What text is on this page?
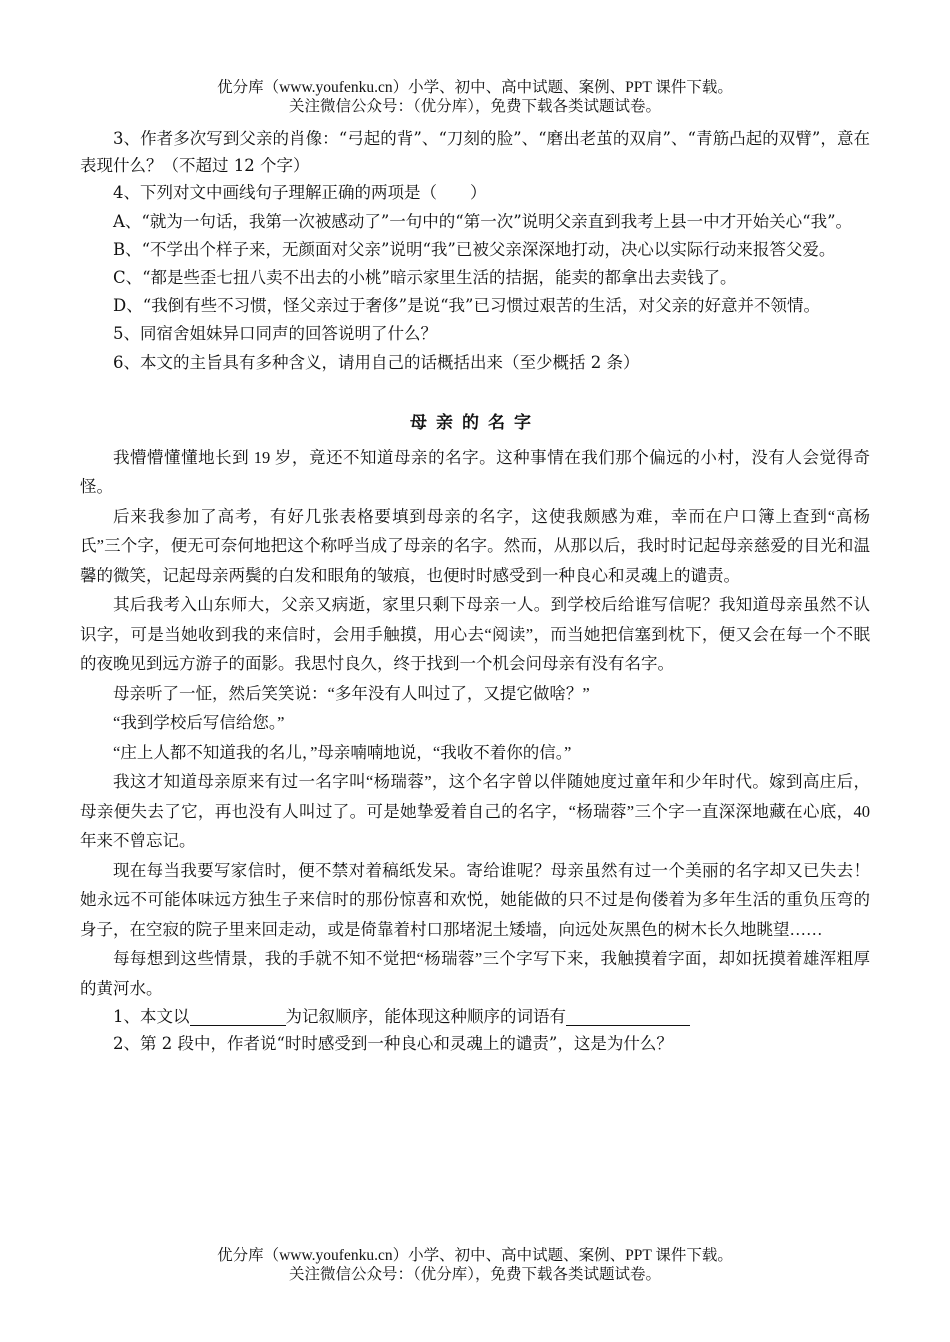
优分库（www.youfenku.cn）小学、初中、高中试题、案例、PPT 课件下载。
关注微信公众号：（优分库），免费下载各类试题试卷。

3、作者多次写到父亲的肖像：“弓起的背”、“刀刻的脸”、“磨出老茧的双肩”、“青筋凸起的双臂”，意在表现什么？（不超过 12 个字）

4、下列对文中画线句子理解正确的两项是（　　）

A、“就为一句话，我第一次被感动了”一句中的“第一次”说明父亲直到我考上县一中才开始关心“我”。

B、“不学出个样子来，无颜面对父亲”说明“我”已被父亲深深地打动，决心以实际行动来报答父爱。

C、“都是些歪七扭八卖不出去的小桃”暗示家里生活的拮据，能卖的都拿出去卖钱了。

D、“我倒有些不习惯，怪父亲过于奢侈”是说“我”已习惯过艰苦的生活，对父亲的好意并不领情。

5、同宿舍姐妹异口同声的回答说明了什么？

6、本文的主旨具有多种含义，请用自己的话概括出来（至少概括 2 条）

母亲的名字

我懵懵懂懂地长到 19 岁，竟还不知道母亲的名字。这种事情在我们那个偏远的小村，没有人会觉得奇怪。

后来我参加了高考，有好几张表格要填到母亲的名字，这使我颇感为难，幸而在户口簿上查到“高杨氏”三个字，便无可奈何地把这个称呼当成了母亲的名字。然而，从那以后，我时时记起母亲慈爱的目光和温馨的微笑，记起母亲两鬓的白发和眼角的皱痕，也便时时感受到一种良心和灵魂上的谴责。

其后我考入山东师大，父亲又病逝，家里只剩下母亲一人。到学校后给谁写信呢？我知道母亲虽然不认识字，可是当她收到我的来信时，会用手触摸，用心去“阅读”，而当她把信塞到枕下，便又会在每一个不眠的夜晚见到远方游子的面影。我思忖良久，终于找到一个机会问母亲有没有名字。

母亲听了一怔，然后笑笑说：“多年没有人叫过了，又提它做啥？”

“我到学校后写信给您。”

“庄上人都不知道我的名儿，”母亲喃喃地说，“我收不着你的信。”

我这才知道母亲原来有过一名字叫“杨瑞蓉”，这个名字曾以伴随她度过童年和少年时代。嫁到高庄后，母亲便失去了它，再也没有人叫过了。可是她挚爱着自己的名字，“杨瑞蓉”三个字一直深深地藏在心底，40 年来不曾忘记。

现在每当我要写家信时，便不禁对着稿纸发呆。寄给谁呢？母亲虽然有过一个美丽的名字却又已失去！她永远不可能体味远方独生子来信时的那份惊喜和欢悦，她能做的只不过是佝偻着为多年生活的重负压弯的身子，在空寂的院子里来回走动，或是倚靠着村口那堵泥土矮墙，向远处灰黑色的树木长久地眺望……

每每想到这些情景，我的手就不知不觉把“杨瑞蓉”三个字写下来，我触摸着字面，却如抚摸着雄浑粗厚的黄河水。

1、本文以	为记叙顺序，能体现这种顺序的词语有

2、第 2 段中，作者说“时时感受到一种良心和灵魂上的谴责”，这是为什么？

优分库（www.youfenku.cn）小学、初中、高中试题、案例、PPT 课件下载。
关注微信公众号：（优分库），免费下载各类试题试卷。
